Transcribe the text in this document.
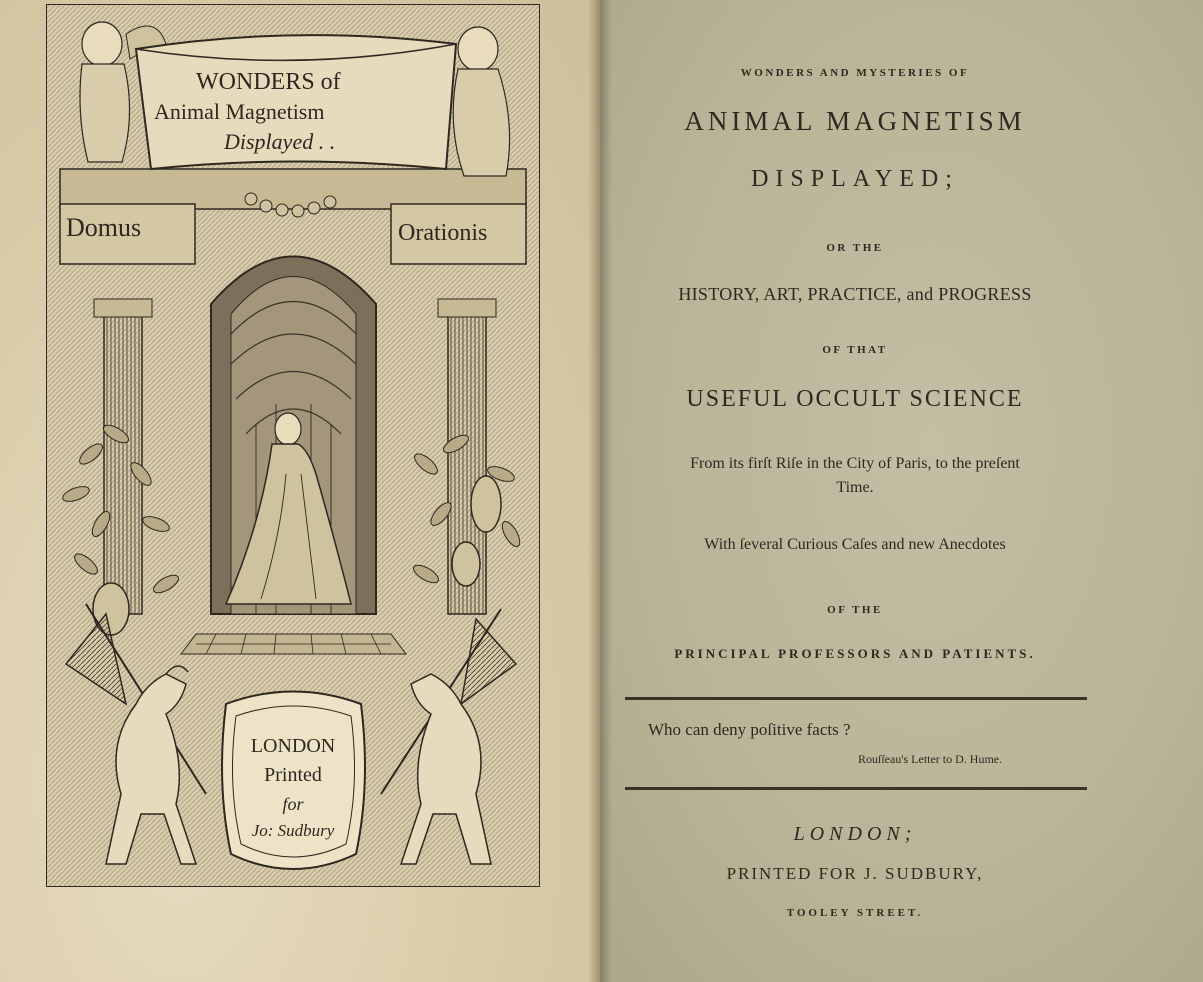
WONDERS of
Animal Magnetism
Displayed . .
Domus	Orationis
LONDON
Printed
for
Jo: Sudbury
WONDERS AND MYSTERIES OF
ANIMAL MAGNETISM
DISPLAYED;
OR THE
HISTORY, ART, PRACTICE, and PROGRESS
OF THAT
USEFUL OCCULT SCIENCE
From its firſt Riſe in the City of Paris, to the preſent
Time.
With ſeveral Curious Caſes and new Anecdotes
OF THE
PRINCIPAL PROFESSORS AND PATIENTS.
Who can deny poſitive facts ?
Rouſſeau's Letter to D. Hume.
LONDON;
PRINTED FOR J. SUDBURY,
TOOLEY STREET.
